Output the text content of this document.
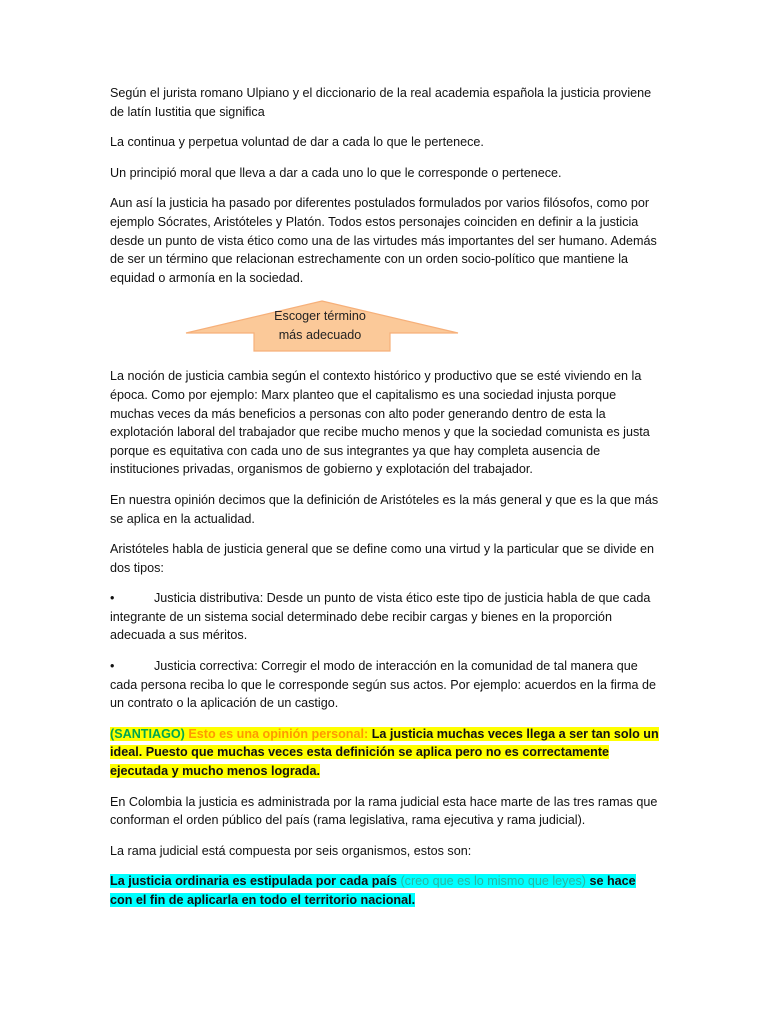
Según el jurista romano Ulpiano y el diccionario de la real academia española la justicia proviene de latín Iustitia que significa

La continua y perpetua voluntad de dar a cada lo que le pertenece.

Un principió moral que lleva a dar a cada uno lo que le corresponde o pertenece.

Aun así la justicia ha pasado por diferentes postulados formulados por varios filósofos, como por ejemplo Sócrates, Aristóteles y Platón. Todos estos personajes coinciden en definir a la justicia desde un punto de vista ético como una de las virtudes más importantes del ser humano. Además de ser un término que relacionan estrechamente con un orden socio-político que mantiene la equidad o armonía en la sociedad.

Escoger término
más adecuado

La noción de justicia cambia según el contexto histórico y productivo que se esté viviendo en la época. Como por ejemplo: Marx planteo que el capitalismo es una sociedad injusta porque muchas veces da más beneficios a personas con alto poder generando dentro de esta la explotación laboral del trabajador que recibe mucho menos y que la sociedad comunista es justa porque es equitativa con cada uno de sus integrantes ya que hay completa ausencia de instituciones privadas, organismos de gobierno y explotación del trabajador.

En nuestra opinión decimos que la definición de Aristóteles es la más general y que es la que más se aplica en la actualidad.

Aristóteles habla de justicia general que se define como una virtud y la particular que se divide en dos tipos:

•	Justicia distributiva: Desde un punto de vista ético este tipo de justicia habla de que cada integrante de un sistema social determinado debe recibir cargas y bienes en la proporción adecuada a sus méritos.

•	Justicia correctiva: Corregir el modo de interacción en la comunidad de tal manera que cada persona reciba lo que le corresponde según sus actos. Por ejemplo: acuerdos en la firma de un contrato o la aplicación de un castigo.

(SANTIAGO) Esto es una opinión personal: La justicia muchas veces llega a ser tan solo un ideal. Puesto que muchas veces esta definición se aplica pero no es correctamente ejecutada y mucho menos lograda.

En Colombia la justicia es administrada por la rama judicial esta hace marte de las tres ramas que conforman el orden público del país (rama legislativa, rama ejecutiva y rama judicial).

La rama judicial está compuesta por seis organismos, estos son:

La justicia ordinaria es estipulada por cada país (creo que es lo mismo que leyes) se hace con el fin de aplicarla en todo el territorio nacional.
